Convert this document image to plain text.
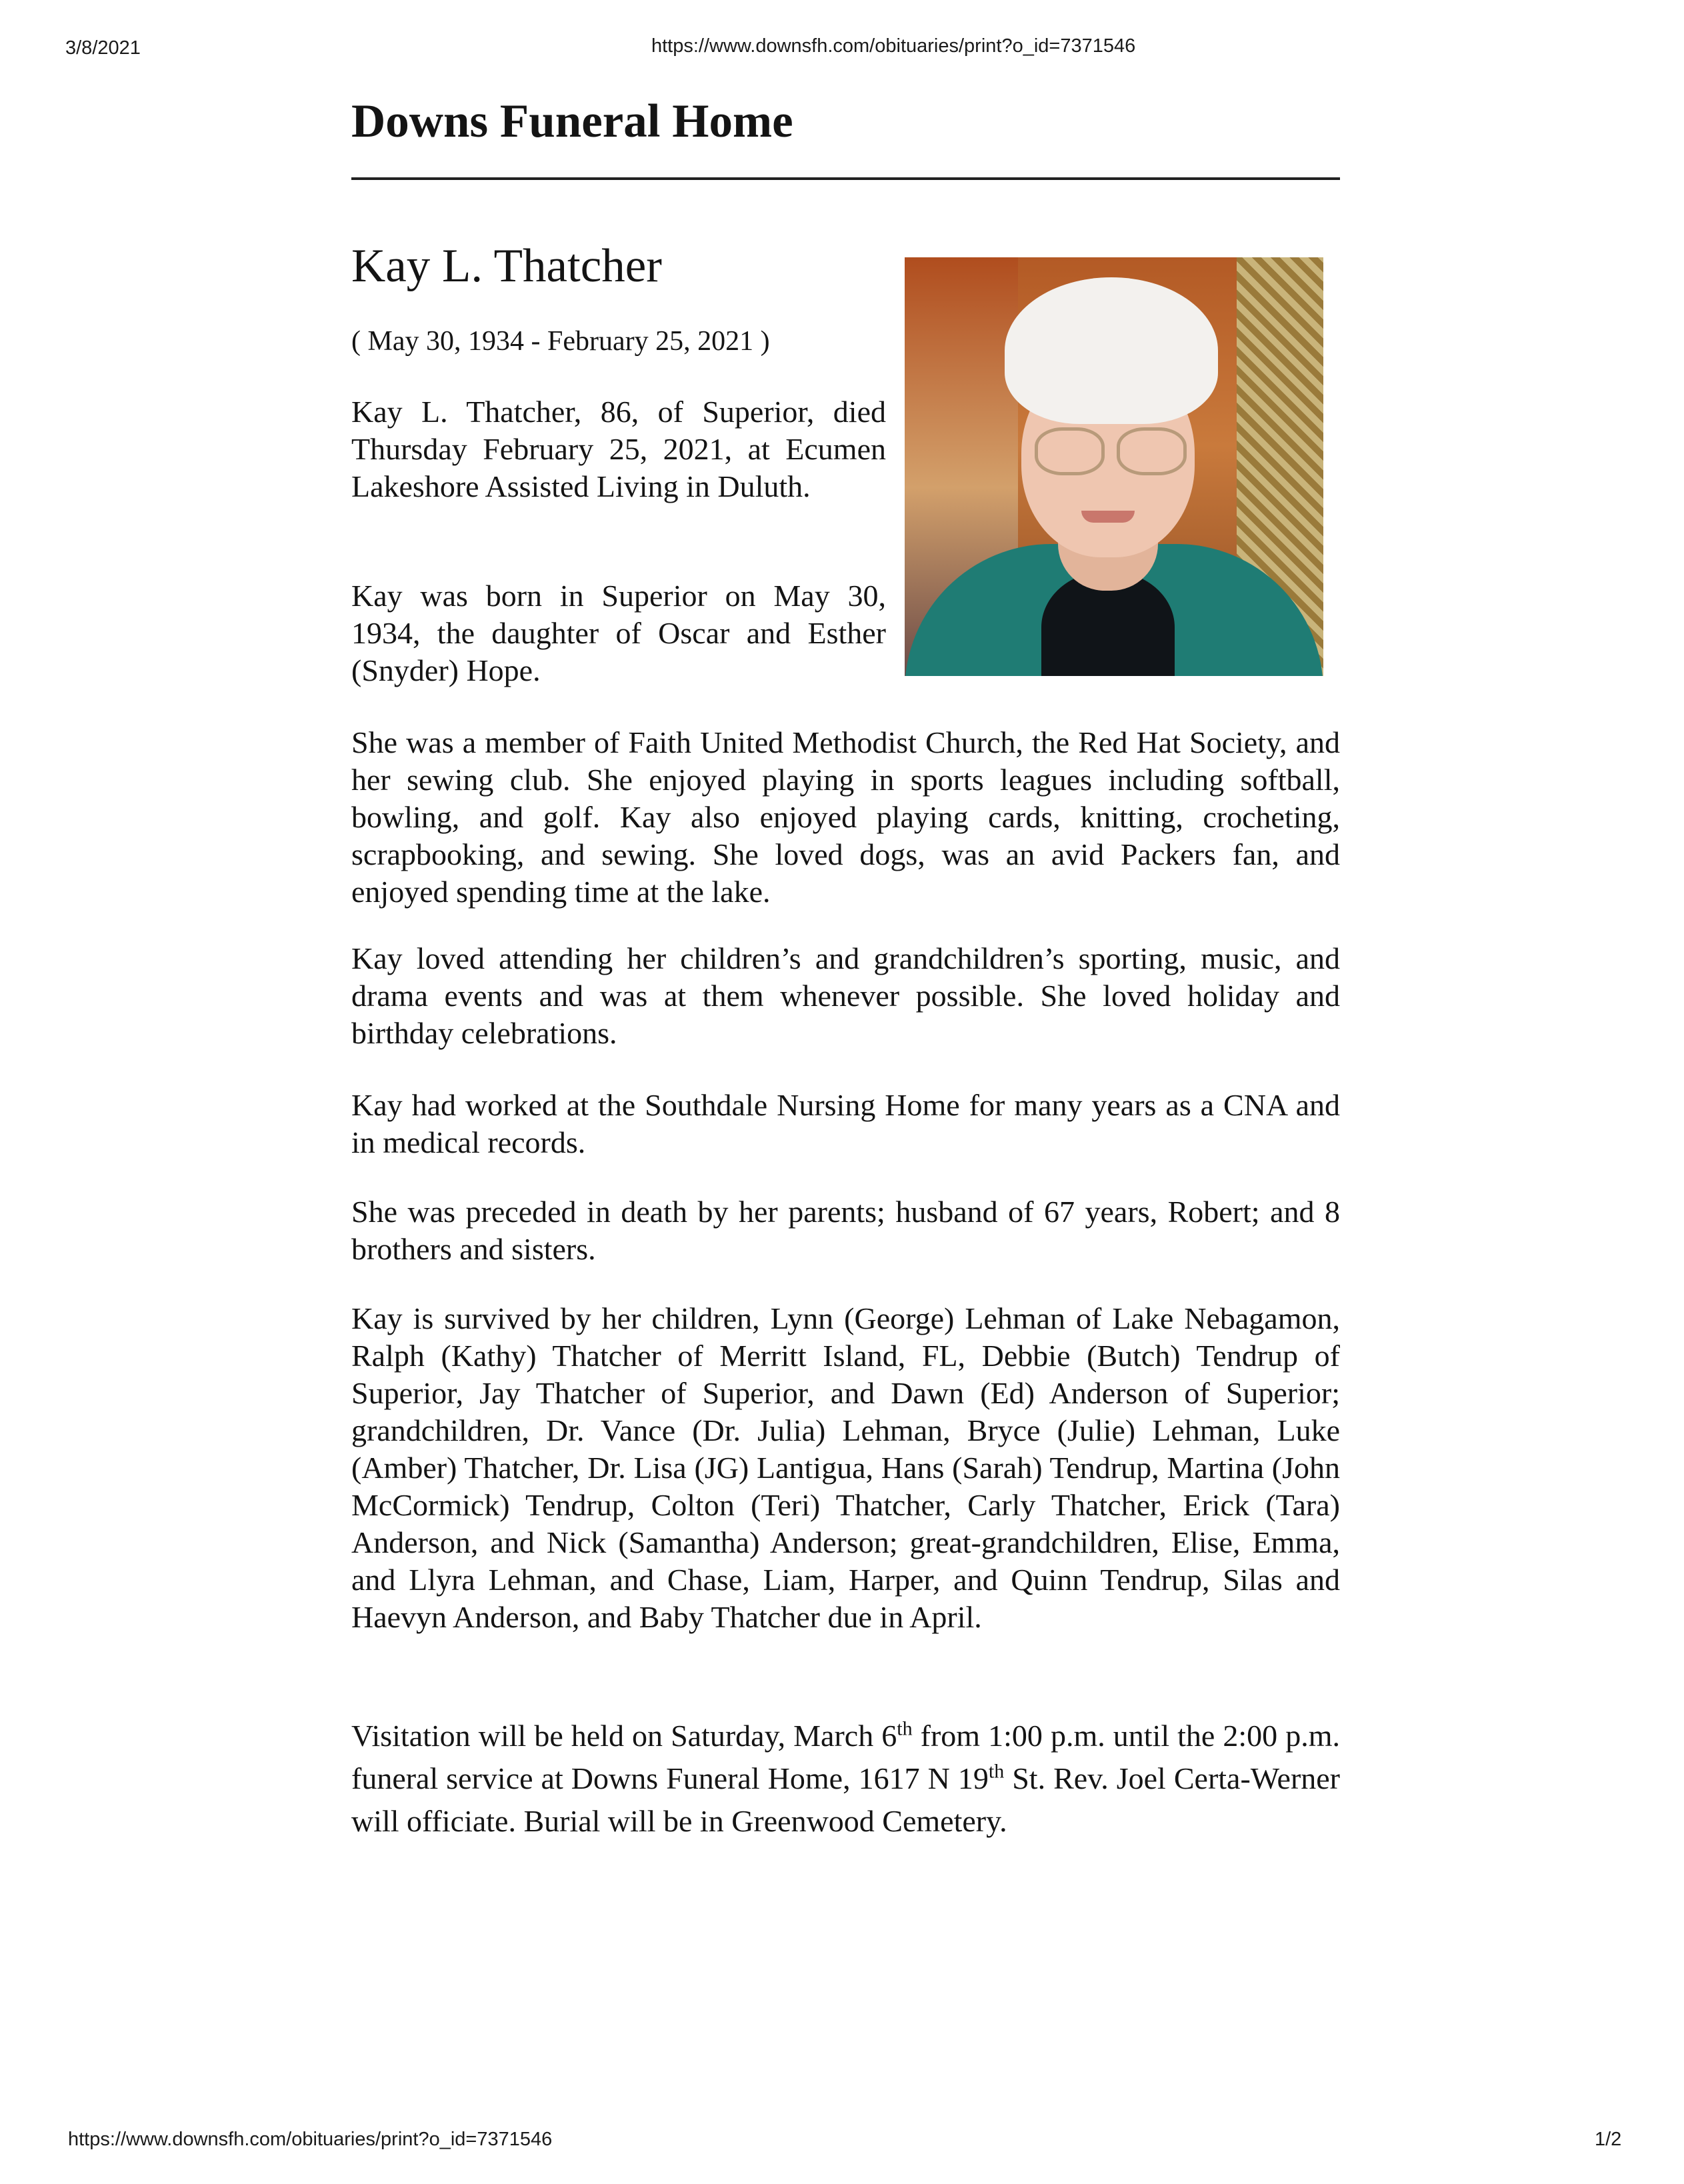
3/8/2021	https://www.downsfh.com/obituaries/print?o_id=7371546
Downs Funeral Home
Kay L. Thatcher
( May 30, 1934 - February 25, 2021 )

Kay L. Thatcher, 86, of Superior, died Thursday February 25, 2021, at Ecumen Lakeshore Assisted Living in Duluth.

Kay was born in Superior on May 30, 1934, the daughter of Oscar and Esther (Snyder) Hope.

She was a member of Faith United Methodist Church, the Red Hat Society, and her sewing club. She enjoyed playing in sports leagues including softball, bowling, and golf. Kay also enjoyed playing cards, knitting, crocheting, scrapbooking, and sewing. She loved dogs, was an avid Packers fan, and enjoyed spending time at the lake.

Kay loved attending her children’s and grandchildren’s sporting, music, and drama events and was at them whenever possible. She loved holiday and birthday celebrations.

Kay had worked at the Southdale Nursing Home for many years as a CNA and in medical records.

She was preceded in death by her parents; husband of 67 years, Robert; and 8 brothers and sisters.

Kay is survived by her children, Lynn (George) Lehman of Lake Nebagamon, Ralph (Kathy) Thatcher of Merritt Island, FL, Debbie (Butch) Tendrup of Superior, Jay Thatcher of Superior, and Dawn (Ed) Anderson of Superior; grandchildren, Dr. Vance (Dr. Julia) Lehman, Bryce (Julie) Lehman, Luke (Amber) Thatcher, Dr. Lisa (JG) Lantigua, Hans (Sarah) Tendrup, Martina (John McCormick) Tendrup, Colton (Teri) Thatcher, Carly Thatcher, Erick (Tara) Anderson, and Nick (Samantha) Anderson; great-grandchildren, Elise, Emma, and Llyra Lehman, and Chase, Liam, Harper, and Quinn Tendrup, Silas and Haevyn Anderson, and Baby Thatcher due in April.

Visitation will be held on Saturday, March 6th from 1:00 p.m. until the 2:00 p.m. funeral service at Downs Funeral Home, 1617 N 19th St. Rev. Joel Certa-Werner will officiate. Burial will be in Greenwood Cemetery.

https://www.downsfh.com/obituaries/print?o_id=7371546	1/2
